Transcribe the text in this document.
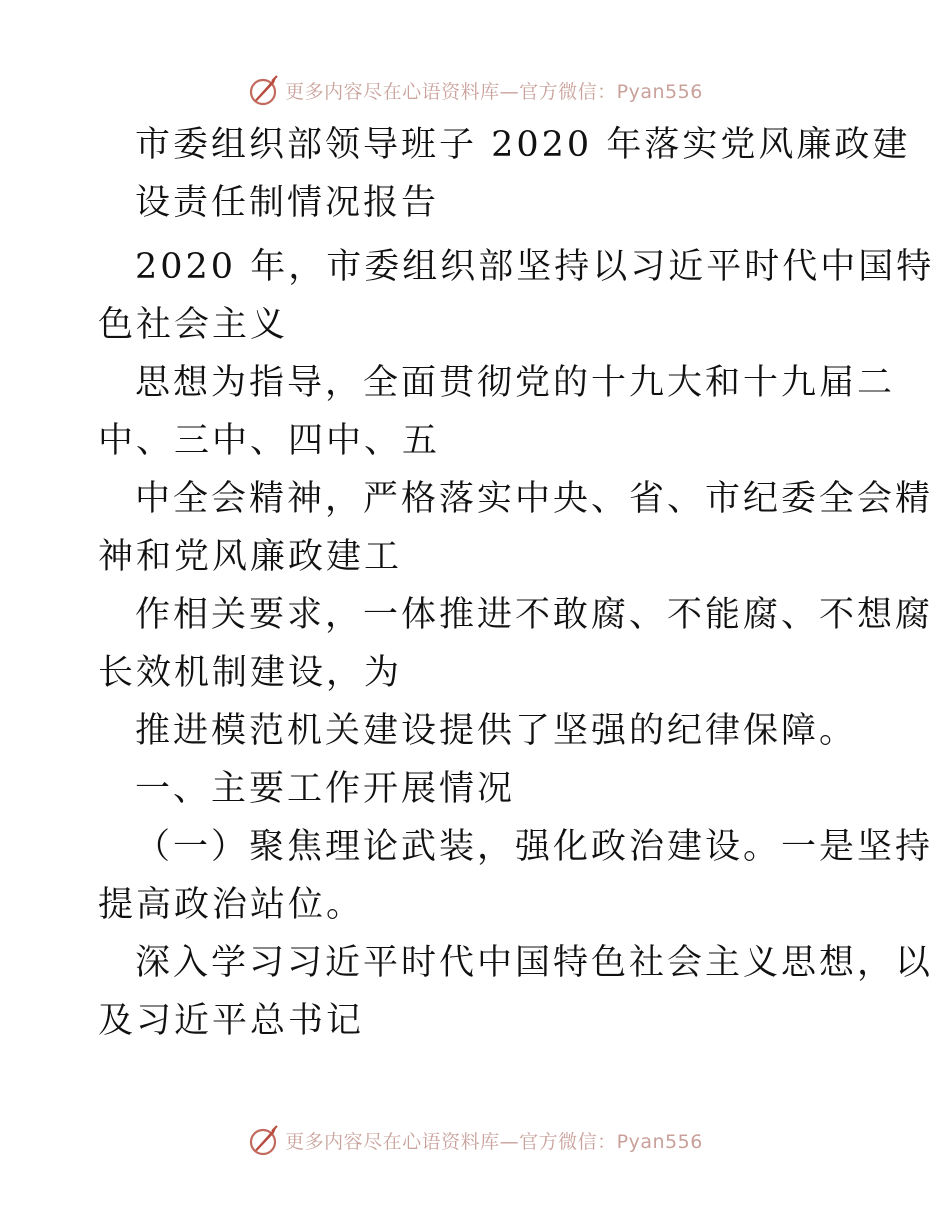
更多内容尽在心语资料库—官方微信：Pyan556
市委组织部领导班子 2020 年落实党风廉政建
设责任制情况报告
2020 年，市委组织部坚持以习近平时代中国特
色社会主义
思想为指导，全面贯彻党的十九大和十九届二
中、三中、四中、五
中全会精神，严格落实中央、省、市纪委全会精
神和党风廉政建工
作相关要求，一体推进不敢腐、不能腐、不想腐
长效机制建设，为
推进模范机关建设提供了坚强的纪律保障。
一、主要工作开展情况
（一）聚焦理论武装，强化政治建设。一是坚持
提高政治站位。
深入学习习近平时代中国特色社会主义思想，以
及习近平总书记
更多内容尽在心语资料库—官方微信：Pyan556
